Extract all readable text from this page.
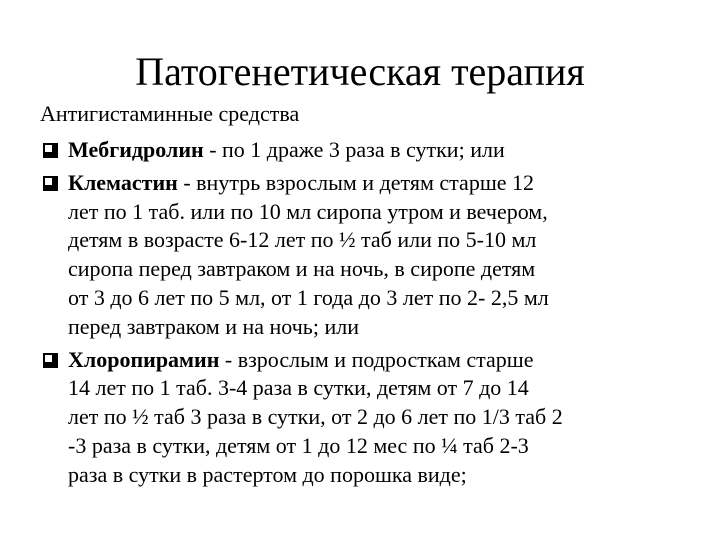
Патогенетическая терапия
Антигистаминные средства
Мебгидролин - по 1 драже 3 раза в сутки; или
Клемастин - внутрь взрослым и детям старше 12
лет по 1 таб. или по 10 мл сиропа утром и вечером,
детям в возрасте 6-12 лет по ½ таб или по 5-10 мл
сиропа перед завтраком и на ночь, в сиропе детям
от 3 до 6 лет по 5 мл, от 1 года до 3 лет по 2- 2,5 мл
перед завтраком и на ночь; или
Хлоропирамин - взрослым и подросткам старше
14 лет по 1 таб. 3-4 раза в сутки, детям от 7 до 14
лет по ½ таб 3 раза в сутки, от 2 до 6 лет по 1/3 таб 2
-3 раза в сутки, детям от 1 до 12 мес по ¼ таб 2-3
раза в сутки в растертом до порошка виде;
